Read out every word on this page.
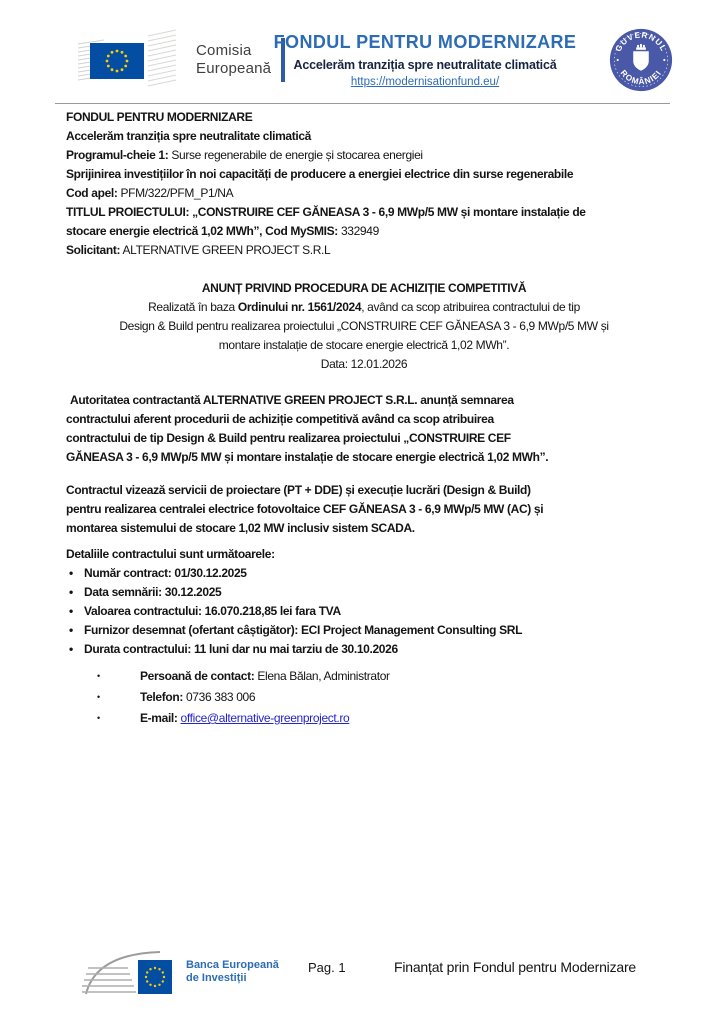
Comisia
Europeană
FONDUL PENTRU MODERNIZARE
Accelerăm tranziția spre neutralitate climatică
https://modernisationfund.eu/
GUVERNUL
ROMÂNIEI
FONDUL PENTRU MODERNIZARE
Accelerăm tranziția spre neutralitate climatică
Programul-cheie 1: Surse regenerabile de energie și stocarea energiei
Sprijinirea investițiilor în noi capacități de producere a energiei electrice din surse regenerabile
Cod apel: PFM/322/PFM_P1/NA
TITLUL PROIECTULUI: „CONSTRUIRE CEF GĂNEASA 3 - 6,9 MWp/5 MW și montare instalație de
stocare energie electrică 1,02 MWh”, Cod MySMIS: 332949
Solicitant: ALTERNATIVE GREEN PROJECT S.R.L
ANUNȚ PRIVIND PROCEDURA DE ACHIZIȚIE COMPETITIVĂ
Realizată în baza Ordinului nr. 1561/2024, având ca scop atribuirea contractului de tip
Design & Build pentru realizarea proiectului „CONSTRUIRE CEF GĂNEASA 3 - 6,9 MWp/5 MW și
montare instalație de stocare energie electrică 1,02 MWh”.
Data: 12.01.2026
Autoritatea contractantă ALTERNATIVE GREEN PROJECT S.R.L. anunță semnarea
contractului aferent procedurii de achiziție competitivă având ca scop atribuirea
contractului de tip Design & Build pentru realizarea proiectului „CONSTRUIRE CEF
GĂNEASA 3 - 6,9 MWp/5 MW și montare instalație de stocare energie electrică 1,02 MWh”.
Contractul vizează servicii de proiectare (PT + DDE) și execuție lucrări (Design & Build)
pentru realizarea centralei electrice fotovoltaice CEF GĂNEASA 3 - 6,9 MWp/5 MW (AC) și
montarea sistemului de stocare 1,02 MW inclusiv sistem SCADA.
Detaliile contractului sunt următoarele:
• Număr contract: 01/30.12.2025
• Data semnării: 30.12.2025
• Valoarea contractului: 16.070.218,85 lei fara TVA
• Furnizor desemnat (ofertant câștigător): ECI Project Management Consulting SRL
• Durata contractului: 11 luni dar nu mai tarziu de 30.10.2026
•	Persoană de contact: Elena Bălan, Administrator
•	Telefon: 0736 383 006
•	E-mail: office@alternative-greenproject.ro
Banca Europeană
de Investiții
Pag. 1	Finanțat prin Fondul pentru Modernizare
